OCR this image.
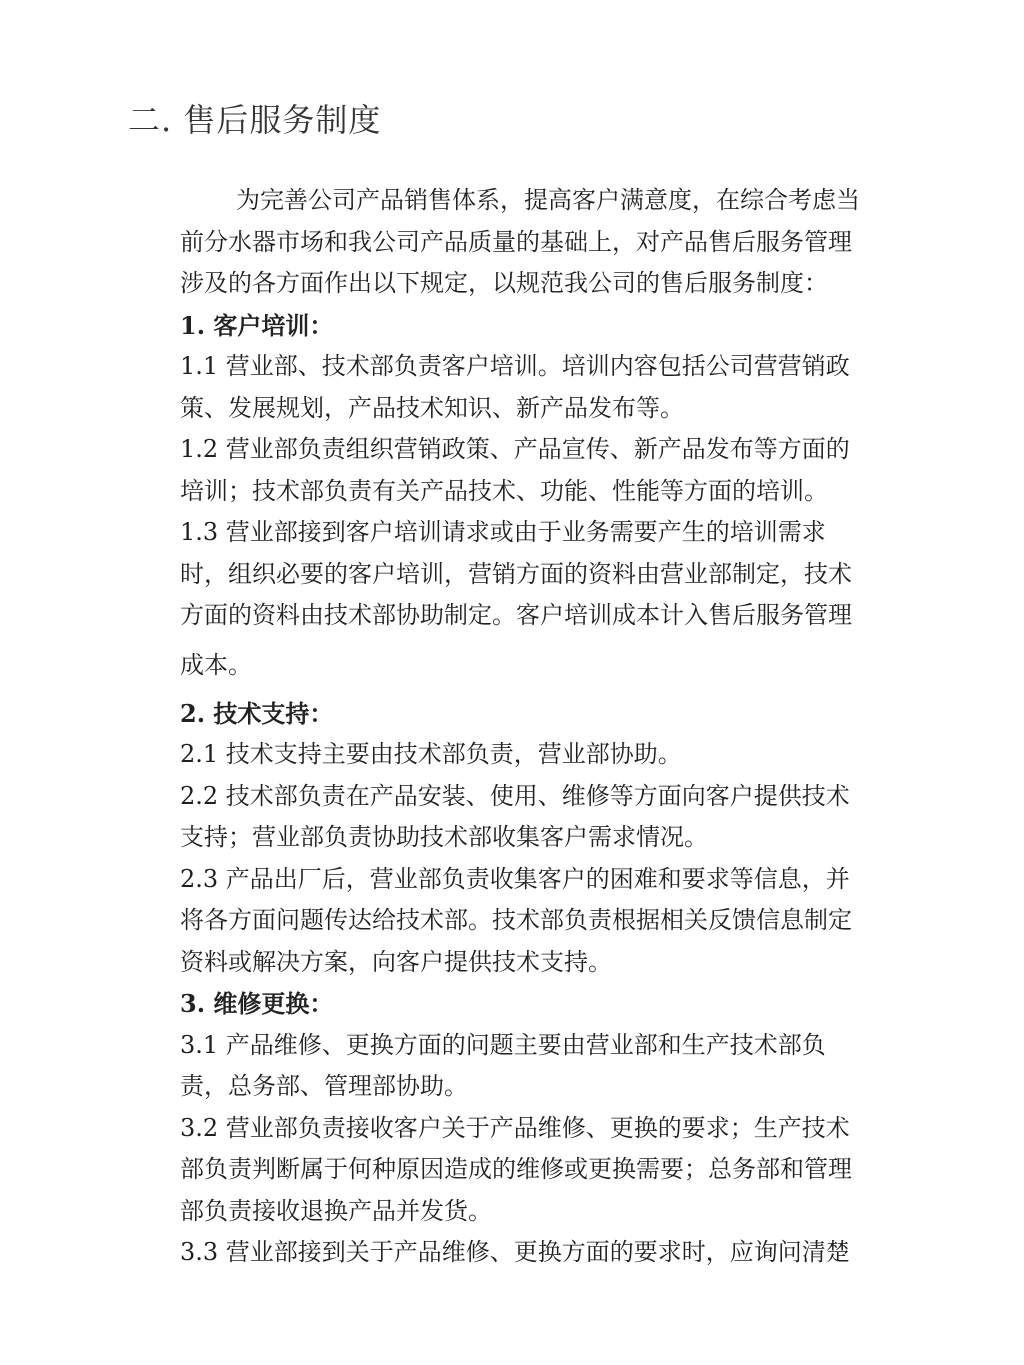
二. 售后服务制度

为完善公司产品销售体系，提高客户满意度，在综合考虑当
前分水器市场和我公司产品质量的基础上，对产品售后服务管理
涉及的各方面作出以下规定，以规范我公司的售后服务制度：

1. 客户培训：

1.1 营业部、技术部负责客户培训。培训内容包括公司营营销政
策、发展规划，产品技术知识、新产品发布等。

1.2 营业部负责组织营销政策、产品宣传、新产品发布等方面的
培训；技术部负责有关产品技术、功能、性能等方面的培训。

1.3 营业部接到客户培训请求或由于业务需要产生的培训需求
时，组织必要的客户培训，营销方面的资料由营业部制定，技术
方面的资料由技术部协助制定。客户培训成本计入售后服务管理
成本。

2. 技术支持：

2.1 技术支持主要由技术部负责，营业部协助。

2.2 技术部负责在产品安装、使用、维修等方面向客户提供技术
支持；营业部负责协助技术部收集客户需求情况。

2.3 产品出厂后，营业部负责收集客户的困难和要求等信息，并
将各方面问题传达给技术部。技术部负责根据相关反馈信息制定
资料或解决方案，向客户提供技术支持。

3. 维修更换：

3.1 产品维修、更换方面的问题主要由营业部和生产技术部负
责，总务部、管理部协助。

3.2 营业部负责接收客户关于产品维修、更换的要求；生产技术
部负责判断属于何种原因造成的维修或更换需要；总务部和管理
部负责接收退换产品并发货。

3.3 营业部接到关于产品维修、更换方面的要求时，应询问清楚
